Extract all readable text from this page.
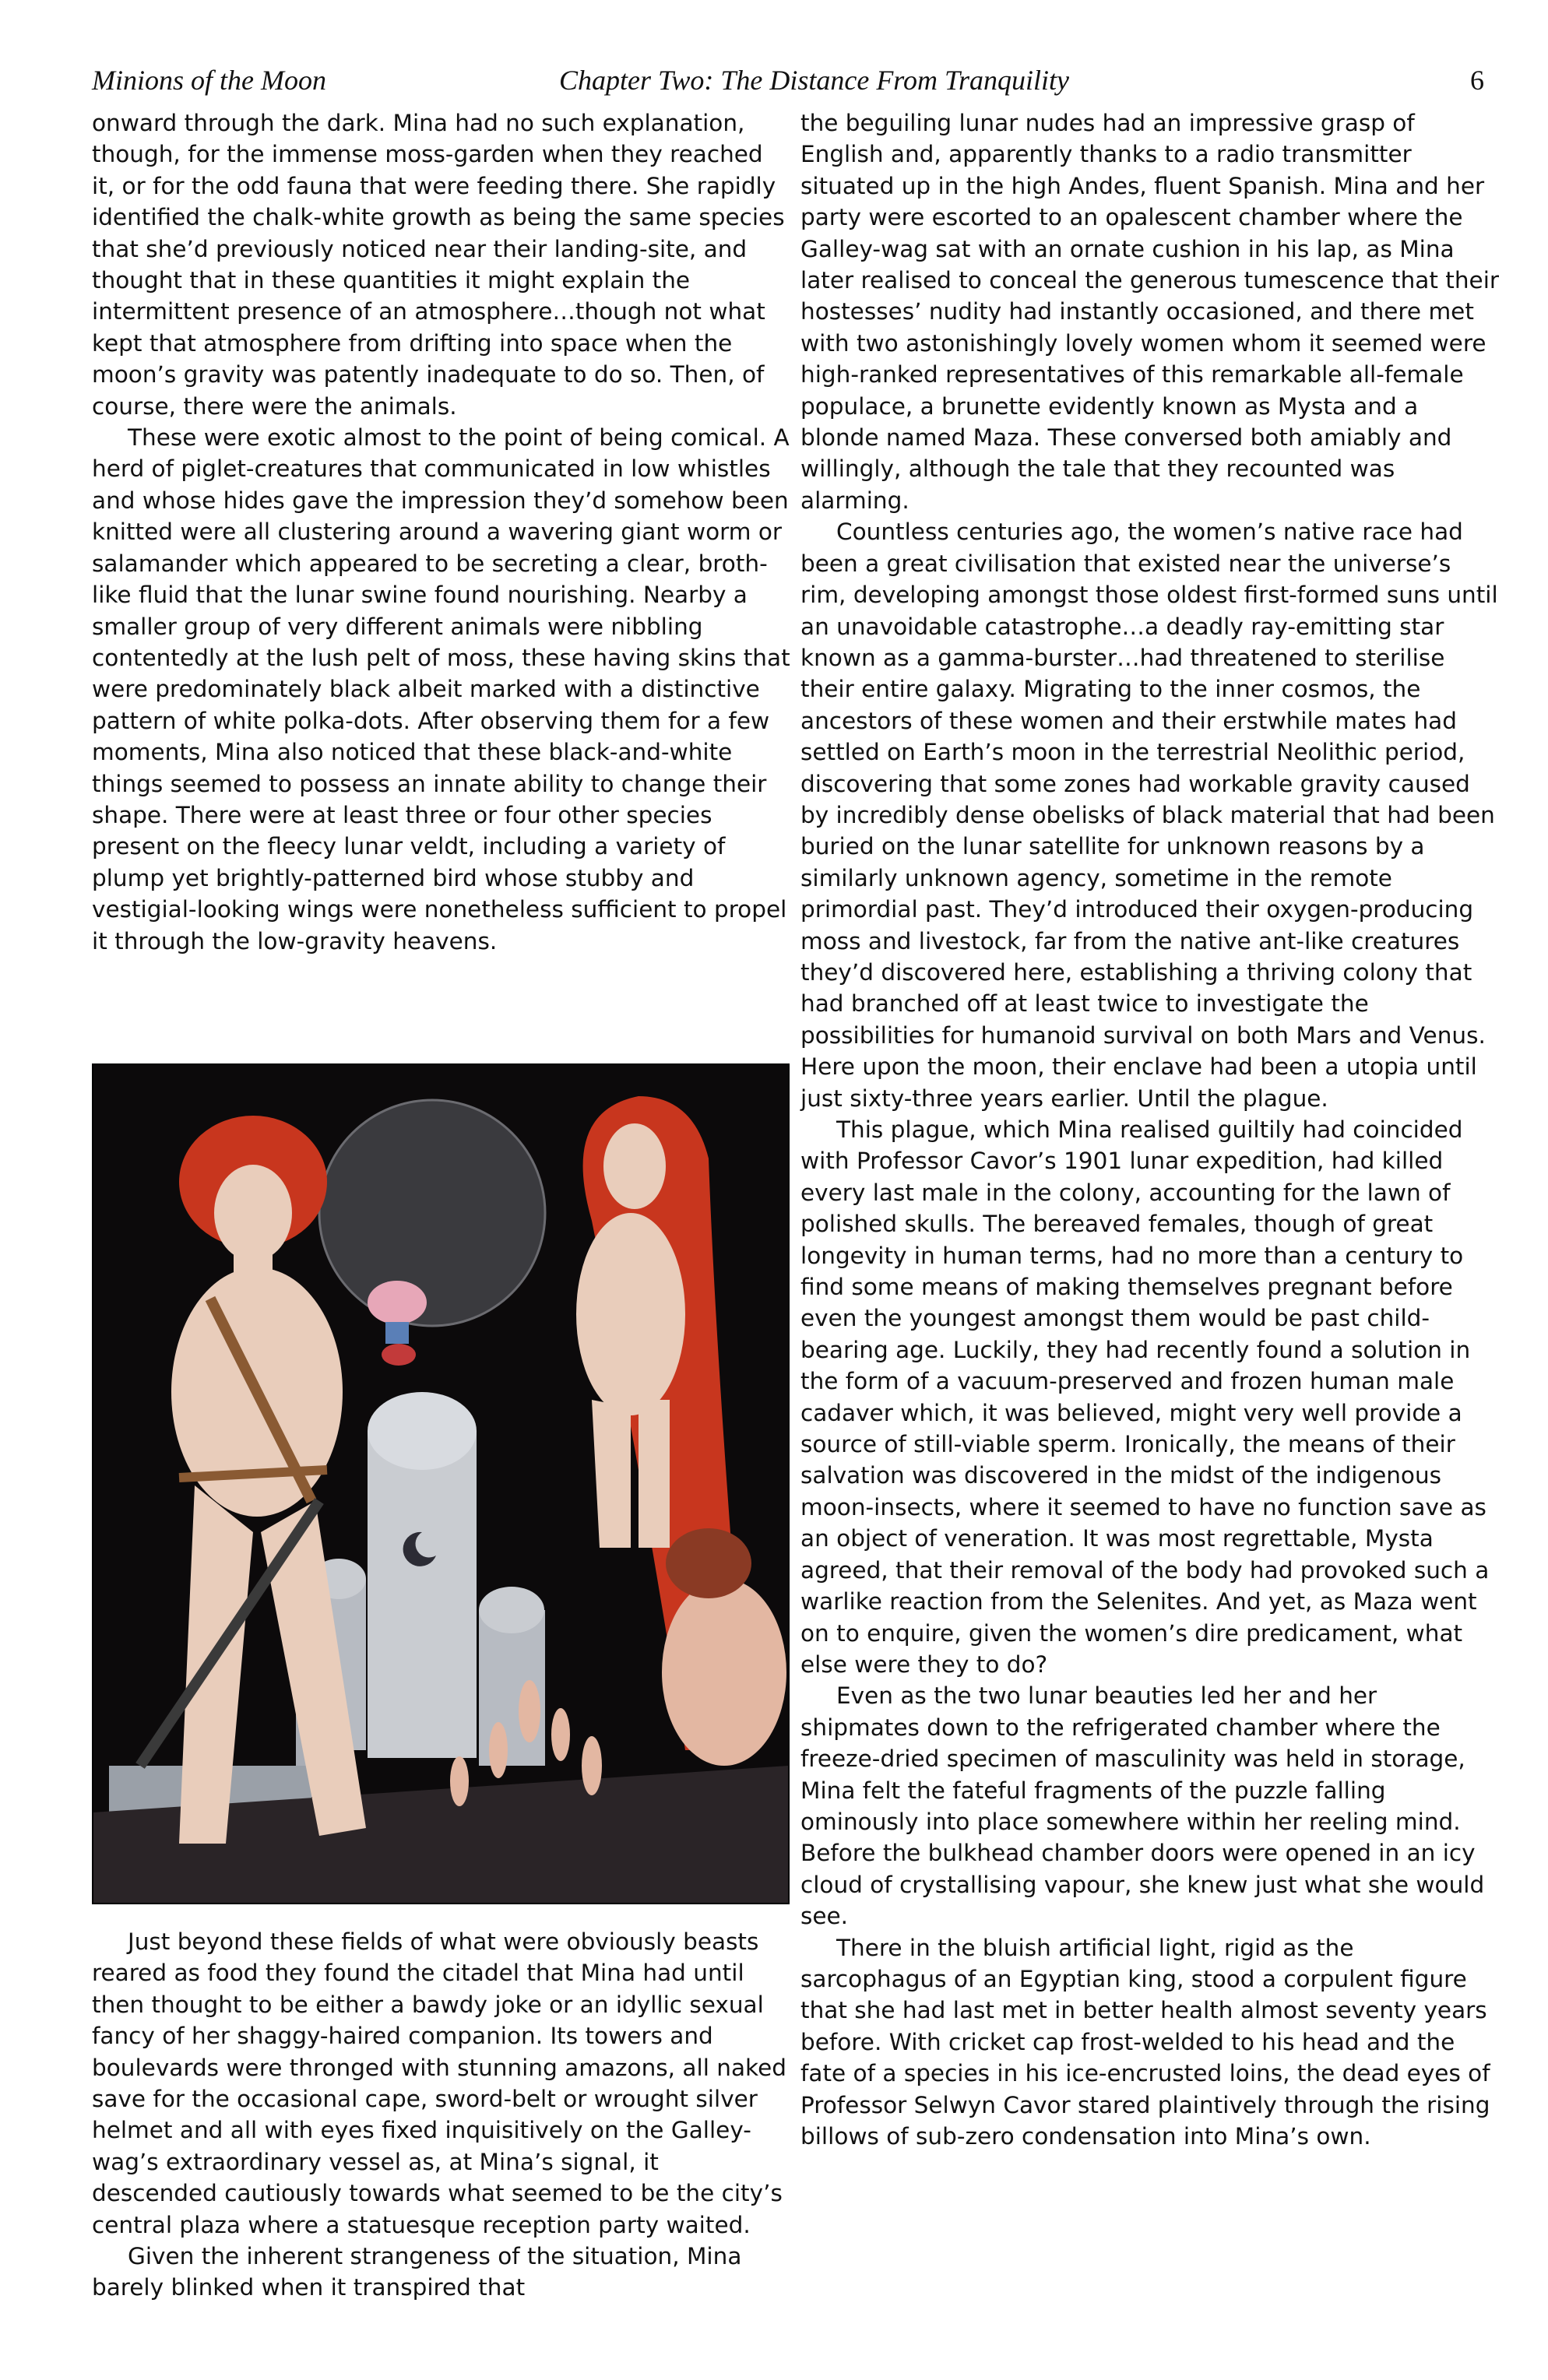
Minions of the Moon	Chapter Two: The Distance From Tranquility	6

onward through the dark. Mina had no such explanation, though, for the immense moss-garden when they reached it, or for the odd fauna that were feeding there. She rapidly identified the chalk-white growth as being the same species that she’d previously noticed near their landing-site, and thought that in these quantities it might explain the intermittent presence of an atmosphere…though not what kept that atmosphere from drifting into space when the moon’s gravity was patently inadequate to do so. Then, of course, there were the animals.

These were exotic almost to the point of being comical. A herd of piglet-creatures that communicated in low whistles and whose hides gave the impression they’d somehow been knitted were all clustering around a wavering giant worm or salamander which appeared to be secreting a clear, broth-like fluid that the lunar swine found nourishing. Nearby a smaller group of very different animals were nibbling contentedly at the lush pelt of moss, these having skins that were predominately black albeit marked with a distinctive pattern of white polka-dots. After observing them for a few moments, Mina also noticed that these black-and-white things seemed to possess an innate ability to change their shape. There were at least three or four other species present on the fleecy lunar veldt, including a variety of plump yet brightly-patterned bird whose stubby and vestigial-looking wings were nonetheless sufficient to propel it through the low-gravity heavens.

Just beyond these fields of what were obviously beasts reared as food they found the citadel that Mina had until then thought to be either a bawdy joke or an idyllic sexual fancy of her shaggy-haired companion. Its towers and boulevards were thronged with stunning amazons, all naked save for the occasional cape, sword-belt or wrought silver helmet and all with eyes fixed inquisitively on the Galley-wag’s extraordinary vessel as, at Mina’s signal, it descended cautiously towards what seemed to be the city’s central plaza where a statuesque reception party waited.

Given the inherent strangeness of the situation, Mina barely blinked when it transpired that

the beguiling lunar nudes had an impressive grasp of English and, apparently thanks to a radio transmitter situated up in the high Andes, fluent Spanish. Mina and her party were escorted to an opalescent chamber where the Galley-wag sat with an ornate cushion in his lap, as Mina later realised to conceal the generous tumescence that their hostesses’ nudity had instantly occasioned, and there met with two astonishingly lovely women whom it seemed were high-ranked representatives of this remarkable all-female populace, a brunette evidently known as Mysta and a blonde named Maza. These conversed both amiably and willingly, although the tale that they recounted was alarming.

Countless centuries ago, the women’s native race had been a great civilisation that existed near the universe’s rim, developing amongst those oldest first-formed suns until an unavoidable catastrophe…a deadly ray-emitting star known as a gamma-burster…had threatened to sterilise their entire galaxy. Migrating to the inner cosmos, the ancestors of these women and their erstwhile mates had settled on Earth’s moon in the terrestrial Neolithic period, discovering that some zones had workable gravity caused by incredibly dense obelisks of black material that had been buried on the lunar satellite for unknown reasons by a similarly unknown agency, sometime in the remote primordial past. They’d introduced their oxygen-producing moss and livestock, far from the native ant-like creatures they’d discovered here, establishing a thriving colony that had branched off at least twice to investigate the possibilities for humanoid survival on both Mars and Venus. Here upon the moon, their enclave had been a utopia until just sixty-three years earlier. Until the plague.

This plague, which Mina realised guiltily had coincided with Professor Cavor’s 1901 lunar expedition, had killed every last male in the colony, accounting for the lawn of polished skulls. The bereaved females, though of great longevity in human terms, had no more than a century to find some means of making themselves pregnant before even the youngest amongst them would be past child-bearing age. Luckily, they had recently found a solution in the form of a vacuum-preserved and frozen human male cadaver which, it was believed, might very well provide a source of still-viable sperm. Ironically, the means of their salvation was discovered in the midst of the indigenous moon-insects, where it seemed to have no function save as an object of veneration. It was most regrettable, Mysta agreed, that their removal of the body had provoked such a warlike reaction from the Selenites. And yet, as Maza went on to enquire, given the women’s dire predicament, what else were they to do?

Even as the two lunar beauties led her and her shipmates down to the refrigerated chamber where the freeze-dried specimen of masculinity was held in storage, Mina felt the fateful fragments of the puzzle falling ominously into place somewhere within her reeling mind. Before the bulkhead chamber doors were opened in an icy cloud of crystallising vapour, she knew just what she would see.

There in the bluish artificial light, rigid as the sarcophagus of an Egyptian king, stood a corpulent figure that she had last met in better health almost seventy years before. With cricket cap frost-welded to his head and the fate of a species in his ice-encrusted loins, the dead eyes of Professor Selwyn Cavor stared plaintively through the rising billows of sub-zero condensation into Mina’s own.
